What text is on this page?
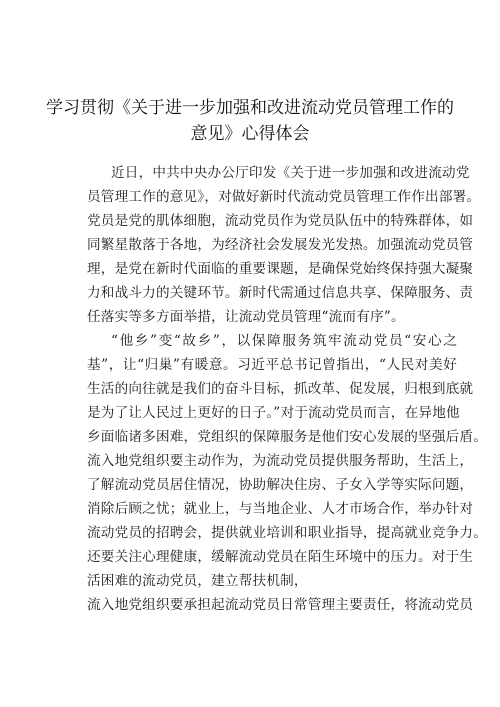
学习贯彻《关于进一步加强和改进流动党员管理工作的
意见》心得体会
近日，中共中央办公厅印发《关于进一步加强和改进流动党
员管理工作的意见》，对做好新时代流动党员管理工作作出部署。
党员是党的肌体细胞，流动党员作为党员队伍中的特殊群体，如
同繁星散落于各地，为经济社会发展发光发热。加强流动党员管
理，是党在新时代面临的重要课题，是确保党始终保持强大凝聚
力和战斗力的关键环节。新时代需通过信息共享、保障服务、责
任落实等多方面举措，让流动党员管理“流而有序”。
“他乡”变“故乡”，以保障服务筑牢流动党员“安心之
基”，让“归巢”有暖意。习近平总书记曾指出，“人民对美好
生活的向往就是我们的奋斗目标，抓改革、促发展，归根到底就
是为了让人民过上更好的日子。”对于流动党员而言，在异地他
乡面临诸多困难，党组织的保障服务是他们安心发展的坚强后盾。
流入地党组织要主动作为，为流动党员提供服务帮助，生活上，
了解流动党员居住情况，协助解决住房、子女入学等实际问题，
消除后顾之忧；就业上，与当地企业、人才市场合作，举办针对
流动党员的招聘会，提供就业培训和职业指导，提高就业竞争力。
还要关注心理健康，缓解流动党员在陌生环境中的压力。对于生
活困难的流动党员，建立帮扶机制，
流入地党组织要承担起流动党员日常管理主要责任，将流动党员
